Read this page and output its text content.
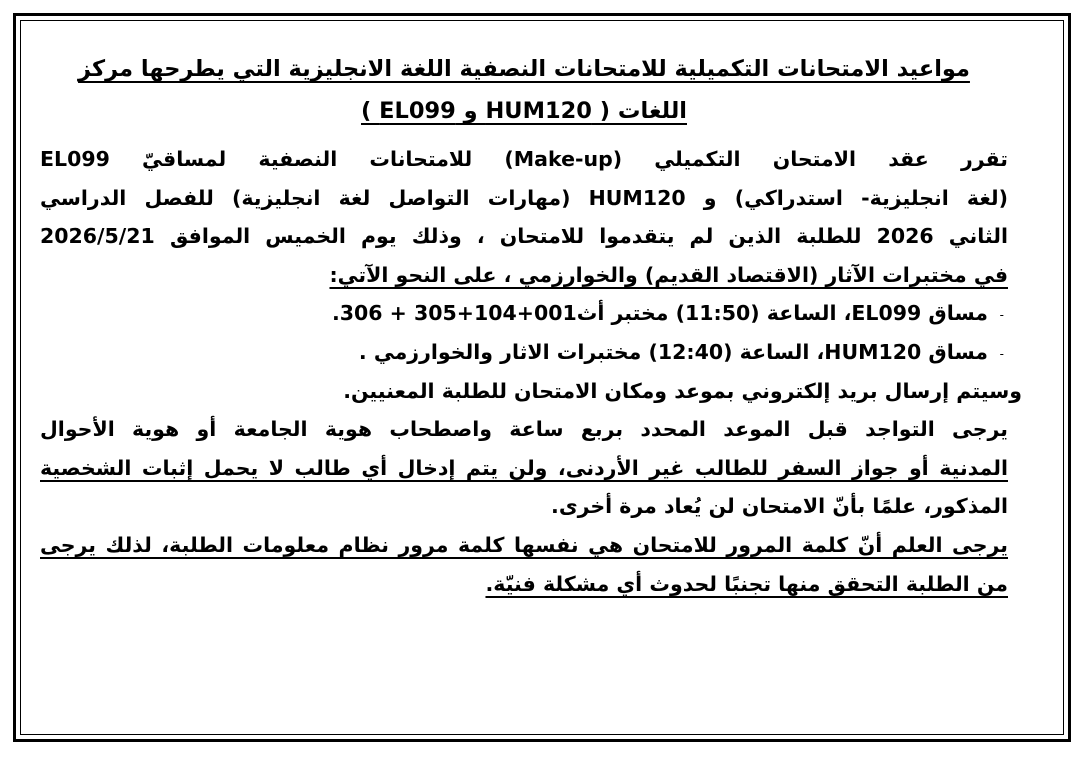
مواعيد الامتحانات التكميلية للامتحانات النصفية اللغة الانجليزية التي يطرحها مركز
اللغات ( HUM120 و EL099 )
تقرر عقد الامتحان التكميلي (Make-up) للامتحانات النصفية لمساقيّ EL099
(لغة انجليزية- استدراكي) و HUM120 (مهارات التواصل لغة انجليزية) للفصل الدراسي
الثاني 2026 للطلبة الذين لم يتقدموا للامتحان ، وذلك يوم الخميس الموافق 2026/5/21
في مختبرات الآثار (الاقتصاد القديم) والخوارزمي ، على النحو الآتي:
- مساق EL099، الساعة (11:50) مختبر أث001+104+305 + 306.
- مساق HUM120، الساعة (12:40) مختبرات الاثار والخوارزمي .
وسيتم إرسال بريد إلكتروني بموعد ومكان الامتحان للطلبة المعنيين.
يرجى التواجد قبل الموعد المحدد بربع ساعة واصطحاب هوية الجامعة أو هوية الأحوال
المدنية أو جواز السفر للطالب غير الأردنى، ولن يتم إدخال أي طالب لا يحمل إثبات الشخصية
المذكور، علمًا بأنّ الامتحان لن يُعاد مرة أخرى.
يرجى العلم أنّ كلمة المرور للامتحان هي نفسها كلمة مرور نظام معلومات الطلبة، لذلك يرجى
من الطلبة التحقق منها تجنبًا لحدوث أي مشكلة فنيّة.
